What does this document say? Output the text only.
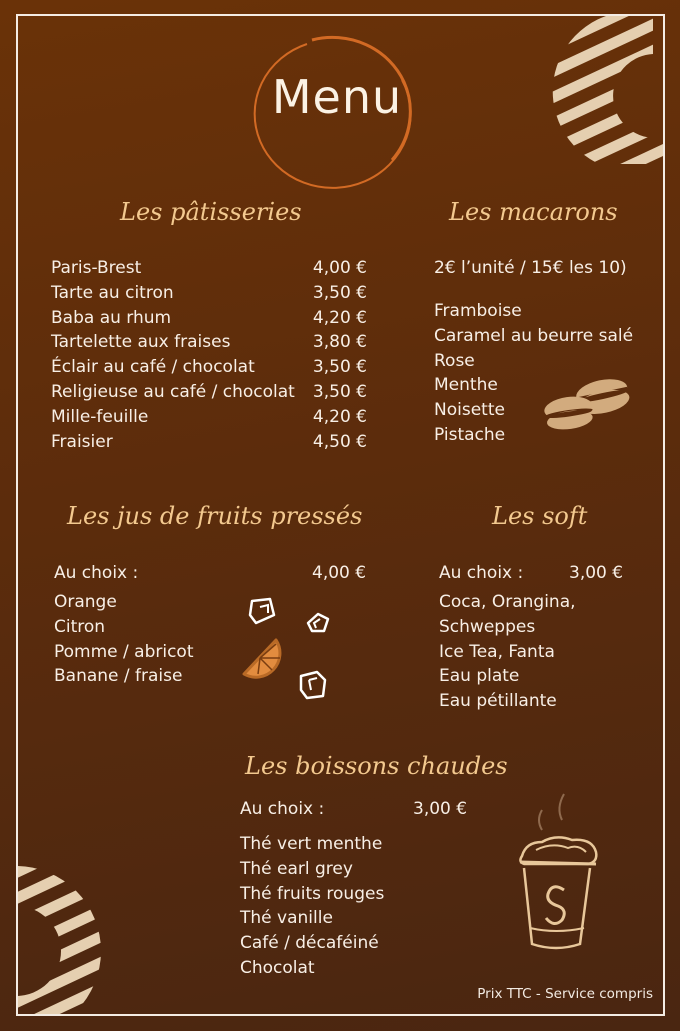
Menu
Les pâtisseries
Paris-Brest	4,00 €
Tarte au citron	3,50 €
Baba au rhum	4,20 €
Tartelette aux fraises	3,80 €
Éclair au café / chocolat	3,50 €
Religieuse au café / chocolat 3,50 €
Mille-feuille	4,20 €
Fraisier	4,50 €
Les macarons
2€ l’unité / 15€ les 10)
Framboise
Caramel au beurre salé
Rose
Menthe
Noisette
Pistache
Les jus de fruits pressés
Au choix :	4,00 €
Orange
Citron
Pomme / abricot
Banane / fraise
Les soft
Au choix :	3,00 €
Coca, Orangina,
Schweppes
Ice Tea, Fanta
Eau plate
Eau pétillante
Les boissons chaudes
Au choix :	3,00 €
Thé vert menthe
Thé earl grey
Thé fruits rouges
Thé vanille
Café / décaféiné
Chocolat
Prix TTC - Service compris
